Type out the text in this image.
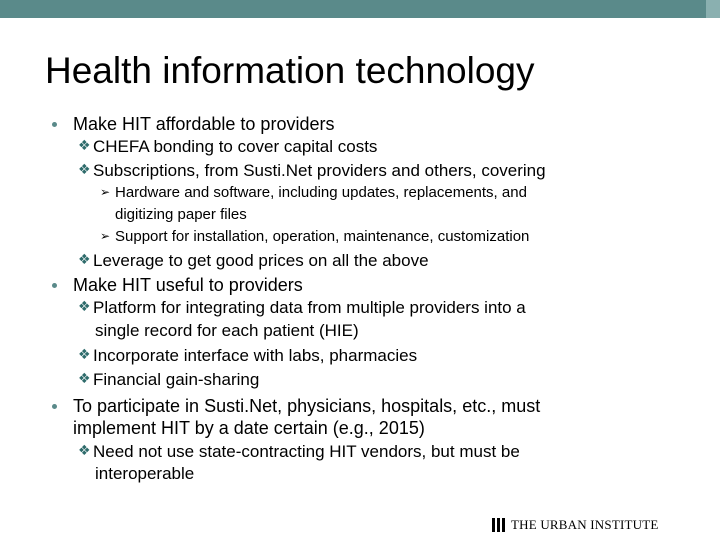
Health information technology
Make HIT affordable to providers
❖ CHEFA bonding to cover capital costs
❖ Subscriptions, from Susti.Net providers and others, covering
➢ Hardware and software, including updates, replacements, and
digitizing paper files
➢ Support for installation, operation, maintenance, customization
❖ Leverage to get good prices on all the above
Make HIT useful to providers
❖ Platform for integrating data from multiple providers into a
single record for each patient (HIE)
❖ Incorporate interface with labs, pharmacies
❖ Financial gain-sharing
To participate in Susti.Net, physicians, hospitals, etc., must
implement HIT by a date certain (e.g., 2015)
❖ Need not use state-contracting HIT vendors, but must be
interoperable
THE URBAN INSTITUTE
